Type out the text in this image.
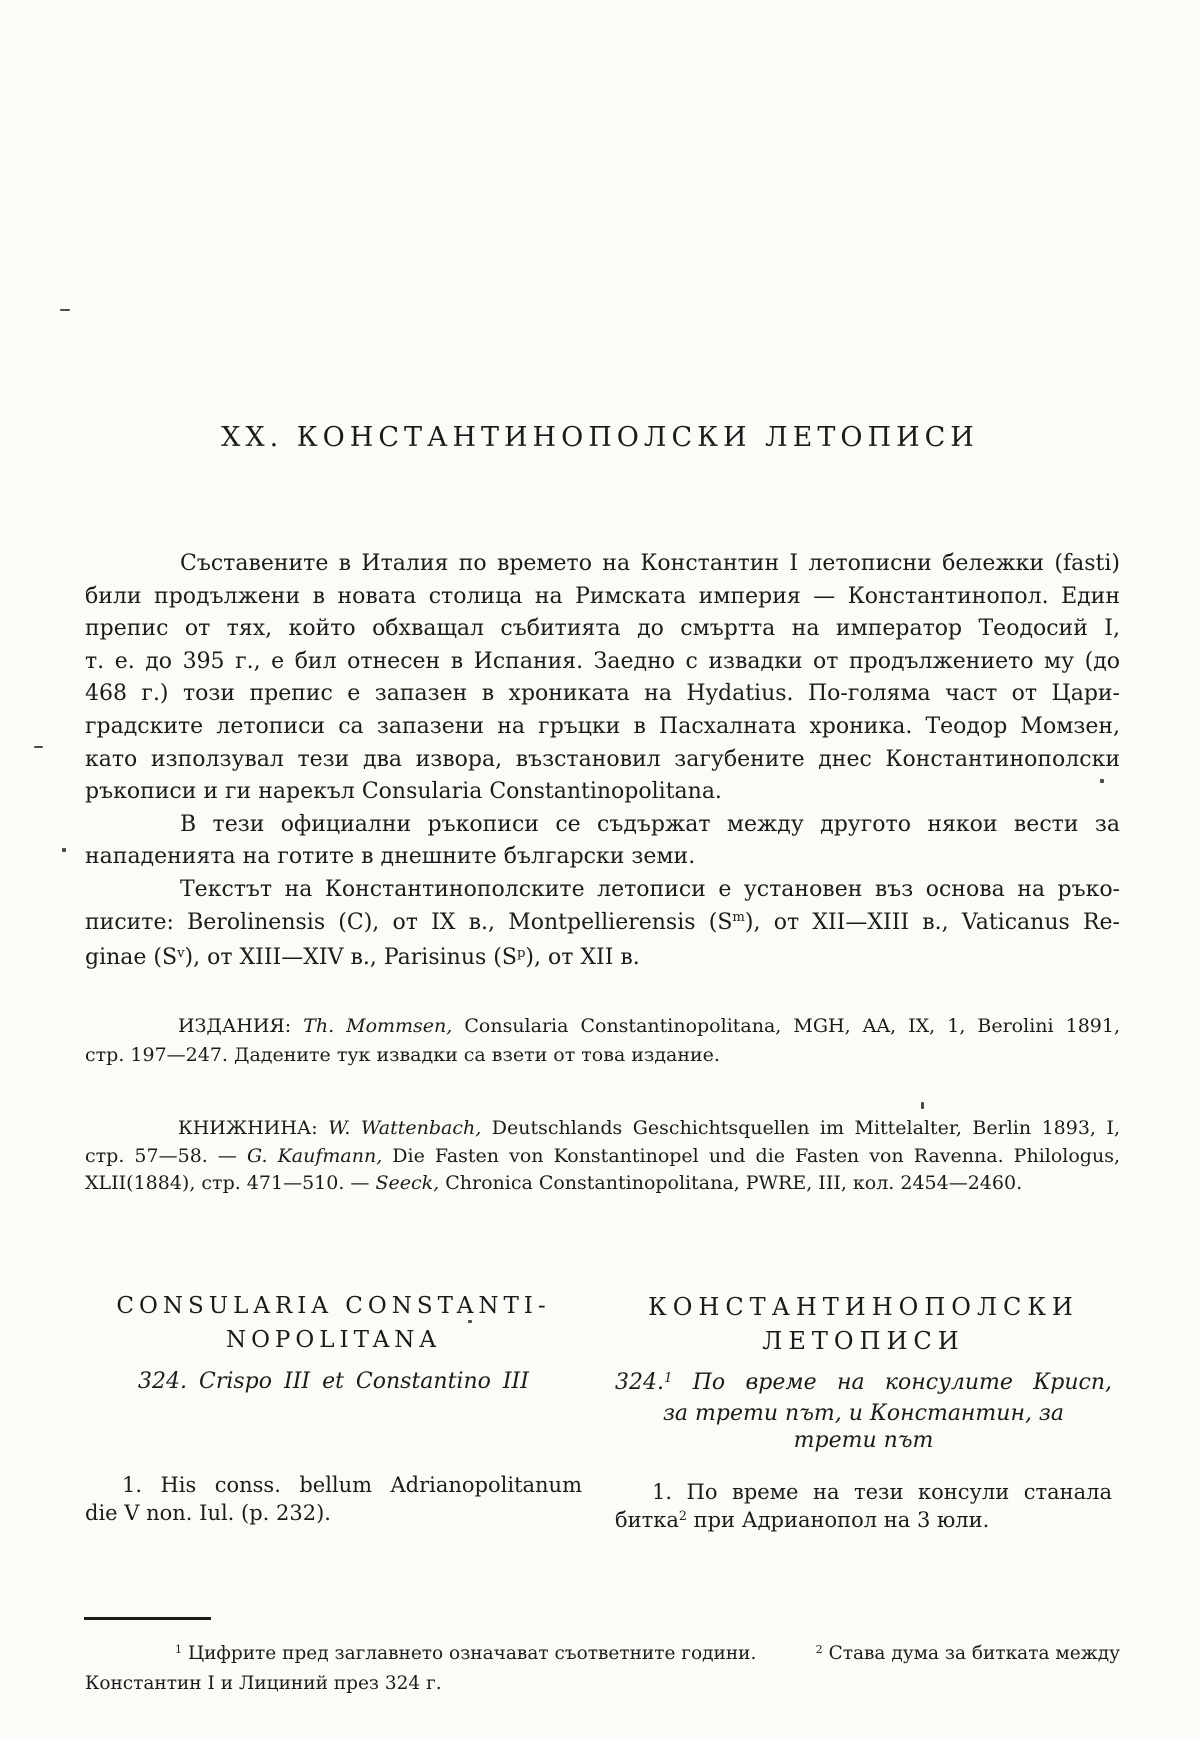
XX. КОНСТАНТИНОПОЛСКИ ЛЕТОПИСИ
Съставените в Италия по времето на Константин I летописни бележки (fasti)
били продължени в новата столица на Римската империя — Константинопол. Един
препис от тях, който обхващал събитията до смъртта на император Теодосий I,
т. е. до 395 г., е бил отнесен в Испания. Заедно с извадки от продължението му (до
468 г.) този препис е запазен в хрониката на Hydatius. По-голяма част от Цари-
градските летописи са запазени на гръцки в Пасхалната хроника. Теодор Момзен,
като използувал тези два извора, възстановил загубените днес Константинополски
ръкописи и ги нарекъл Consularia Constantinopolitana.
В тези официални ръкописи се съдържат между другото някои вести за
нападенията на готите в днешните български земи.
Текстът на Константинополските летописи е установен въз основа на ръко-
писите: Berolinensis (C), от IX в., Montpellierensis $(S^m)$, от XII—XIII в., Vaticanus Re-
ginae $(S^v)$, от XIII—XIV в., Parisinus $(S^p)$, от XII в.
ИЗДАНИЯ: Th. Mommsen, Consularia Constantinopolitana, MGH, AA, IX, 1, Berolini 1891,
стр. 197—247. Дадените тук извадки са взети от това издание.
КНИЖНИНА: W. Wattenbach, Deutschlands Geschichtsquellen im Mittelalter, Berlin 1893, I,
стр. 57—58. — G. Kaufmann, Die Fasten von Konstantinopel und die Fasten von Ravenna. Philologus,
XLII(1884), стр. 471—510. — Seeck, Chronica Constantinopolitana, PWRE, III, кол. 2454—2460.
CONSULARIA CONSTANTI-
NOPOLITANA
324. Crispo III et Constantino III
1. His conss. bellum Adrianopolitanum
die V non. Iul. (p. 232).
КОНСТАНТИНОПОЛСКИ
ЛЕТОПИСИ
324.$^1$ По време на консулите Крисп,
за трети път, и Константин, за
трети път
1. По време на тези консули станала
битка$^2$ при Адрианопол на 3 юли.
$^1$ Цифрите пред заглавнето означават съответните години.	$^2$ Става дума за битката между
Константин I и Лициний през 324 г.
